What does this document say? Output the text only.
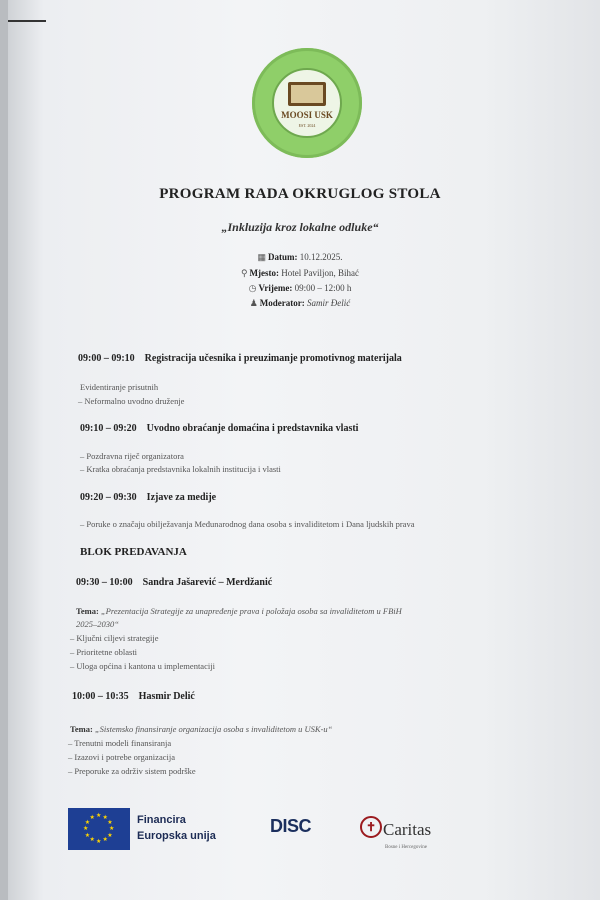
MOOSI USK
EST. 2024
PROGRAM RADA OKRUGLOG STOLA
„Inkluzija kroz lokalne odluke“
▦ Datum: 10.12.2025.
⚲ Mjesto: Hotel Paviljon, Bihać
◷ Vrijeme: 09:00 – 12:00 h
♟ Moderator: Samir Đelić
09:00 – 09:10 Registracija učesnika i preuzimanje promotivnog materijala
Evidentiranje prisutnih
– Neformalno uvodno druženje
09:10 – 09:20 Uvodno obraćanje domaćina i predstavnika vlasti
– Pozdravna riječ organizatora
– Kratka obraćanja predstavnika lokalnih institucija i vlasti
09:20 – 09:30 Izjave za medije
– Poruke o značaju obilježavanja Međunarodnog dana osoba s invaliditetom i Dana ljudskih prava
BLOK PREDAVANJA
09:30 – 10:00 Sandra Jašarević – Merdžanić
Tema: „Prezentacija Strategije za unapređenje prava i položaja osoba sa invaliditetom u FBiH
2025–2030“
– Ključni ciljevi strategije
– Prioritetne oblasti
– Uloga općina i kantona u implementaciji
10:00 – 10:35 Hasmir Delić
Tema: „Sistemsko finansiranje organizacija osoba s invaliditetom u USK-u“
– Trenutni modeli finansiranja
– Izazovi i potrebe organizacija
– Preporuke za održiv sistem podrške
★
★
★
★
★
★
★
★
★ ★ ★
★ Financira
Europska unija	DISC	✝ Caritas
Bosne i Hercegovine
